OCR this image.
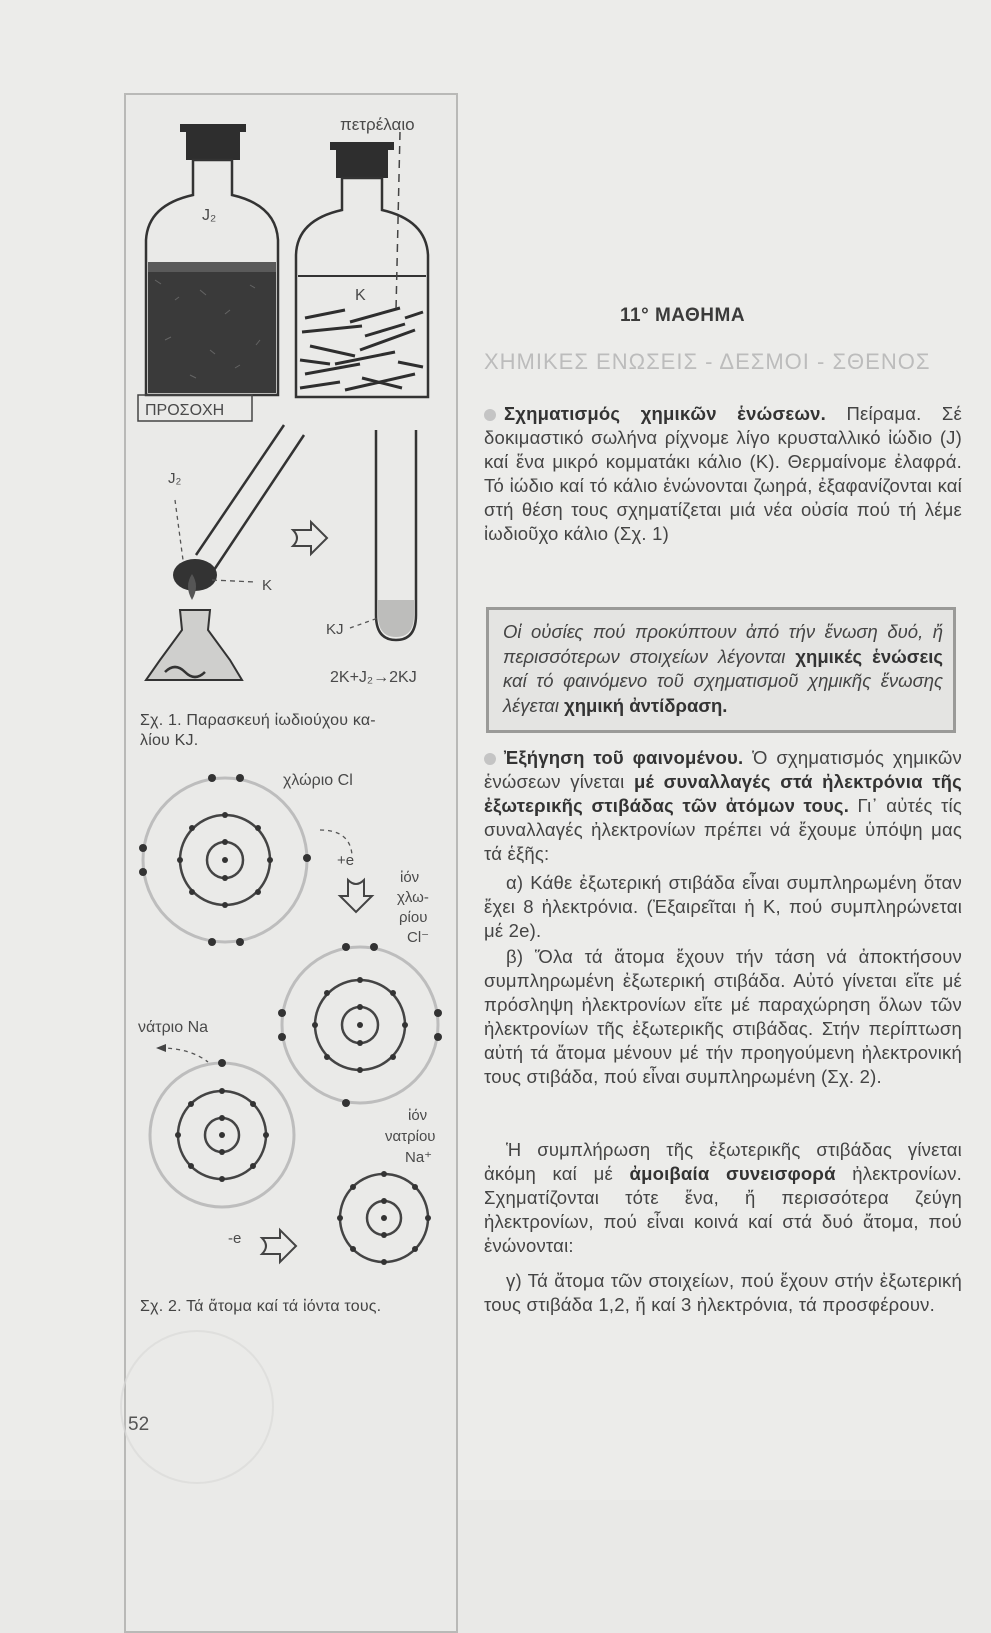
J₂
πετρέλαιο
K
ΠΡΟΣΟΧΗ
J₂
K
KJ
2K+J₂→2KJ
χλώριο Cl
+e
ἰόν
χλω-
ρίου
Cl⁻
νάτριο Na
-e
ἰόν
νατρίου
Na⁺
Σχ. 1. Παρασκευή ἰωδιούχου κα-
λίου KJ.
Σχ. 2. Τά ἄτομα καί τά ἰόντα τους.
11° ΜΑΘΗΜΑ
ΧΗΜΙΚΕΣ ΕΝΩΣΕΙΣ - ΔΕΣΜΟΙ - ΣΘΕΝΟΣ
Σχηματισμός χημικῶν ἑνώσεων. Πείραμα. Σέ δοκιμαστικό σωλήνα ρίχνομε λίγο κρυσταλλικό ἰώδιο (J) καί ἕνα μικρό κομματάκι κάλιο (K). Θερμαίνομε ἐλαφρά. Τό ἰώδιο καί τό κάλιο ἑνώνονται ζωηρά, ἐξαφανίζονται καί στή θέση τους σχηματίζεται μιά νέα οὐσία πού τή λέμε ἰωδιοῦχο κάλιο (Σχ. 1)
Οἱ οὐσίες πού προκύπτουν ἀπό τήν ἕνωση δυό, ἤ περισσότερων στοιχείων λέγονται χημικές ἑνώσεις καί τό φαινόμενο τοῦ σχηματισμοῦ χημικῆς ἕνωσης λέγεται χημική ἀντίδραση.
Ἐξήγηση τοῦ φαινομένου. Ὁ σχηματισμός χημικῶν ἑνώσεων γίνεται μέ συναλλαγές στά ἠλεκτρόνια τῆς ἐξωτερικῆς στιβάδας τῶν ἀτόμων τους. Γι᾿ αὐτές τίς συναλλαγές ἠλεκτρονίων πρέπει νά ἔχουμε ὑπόψη μας τά ἑξῆς:
α) Κάθε ἐξωτερική στιβάδα εἶναι συμπληρωμένη ὅταν ἔχει 8 ἠλεκτρόνια. (Ἐξαιρεῖται ἡ K, πού συμπληρώνεται μέ 2e).
β) Ὅλα τά ἄτομα ἔχουν τήν τάση νά ἀποκτήσουν συμπληρωμένη ἐξωτερική στιβάδα. Αὐτό γίνεται εἴτε μέ πρόσληψη ἠλεκτρονίων εἴτε μέ παραχώρηση ὅλων τῶν ἠλεκτρονίων τῆς ἐξωτερικῆς στιβάδας. Στήν περίπτωση αὐτή τά ἄτομα μένουν μέ τήν προηγούμενη ἠλεκτρονική τους στιβάδα, πού εἶναι συμπληρωμένη (Σχ. 2).
Ἡ συμπλήρωση τῆς ἐξωτερικῆς στιβάδας γίνεται ἀκόμη καί μέ ἀμοιβαία συνεισφορά ἠλεκτρονίων. Σχηματίζονται τότε ἕνα, ἤ περισσότερα ζεύγη ἠλεκτρονίων, πού εἶναι κοινά καί στά δυό ἄτομα, πού ἑνώνονται:
γ) Τά ἄτομα τῶν στοιχείων, πού ἔχουν στήν ἐξωτερική τους στιβάδα 1,2, ἤ καί 3 ἠλεκτρόνια, τά προσφέρουν.
52
